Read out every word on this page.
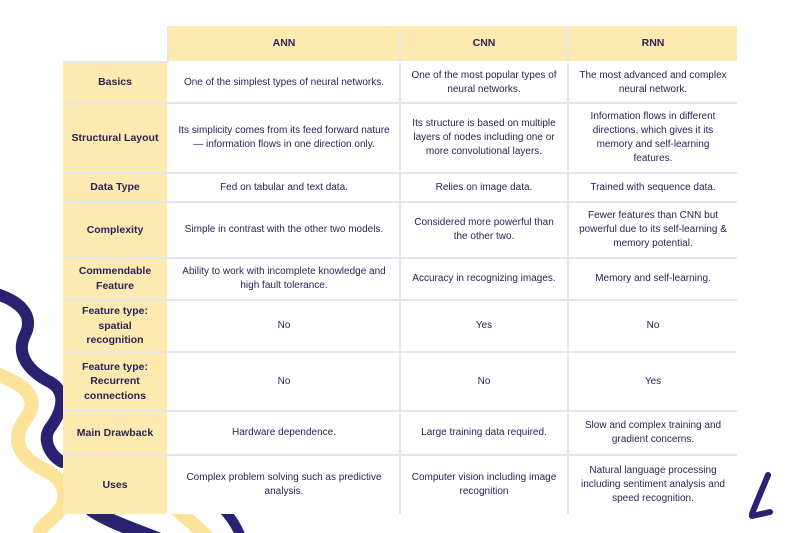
	ANN	CNN	RNN
Basics	One of the simplest types of neural networks.	One of the most popular types of neural networks.	The most advanced and complex neural network.
Structural Layout	Its simplicity comes from its feed forward nature — information flows in one direction only.	Its structure is based on multiple layers of nodes including one or more convolutional layers.	Information flows in different directions, which gives it its memory and self-learning features.
Data Type	Fed on tabular and text data.	Relies on image data.	Trained with sequence data.
Complexity	Simple in contrast with the other two models.	Considered more powerful than the other two.	Fewer features than CNN but powerful due to its self-learning & memory potential.
Commendable Feature	Ability to work with incomplete knowledge and high fault tolerance.	Accuracy in recognizing images.	Memory and self-learning.
Feature type: spatial recognition	No	Yes	No
Feature type: Recurrent connections	No	No	Yes
Main Drawback	Hardware dependence.	Large training data required.	Slow and complex training and gradient concerns.
Uses	Complex problem solving such as predictive analysis.	Computer vision including image recognition	Natural language processing including sentiment analysis and speed recognition.
